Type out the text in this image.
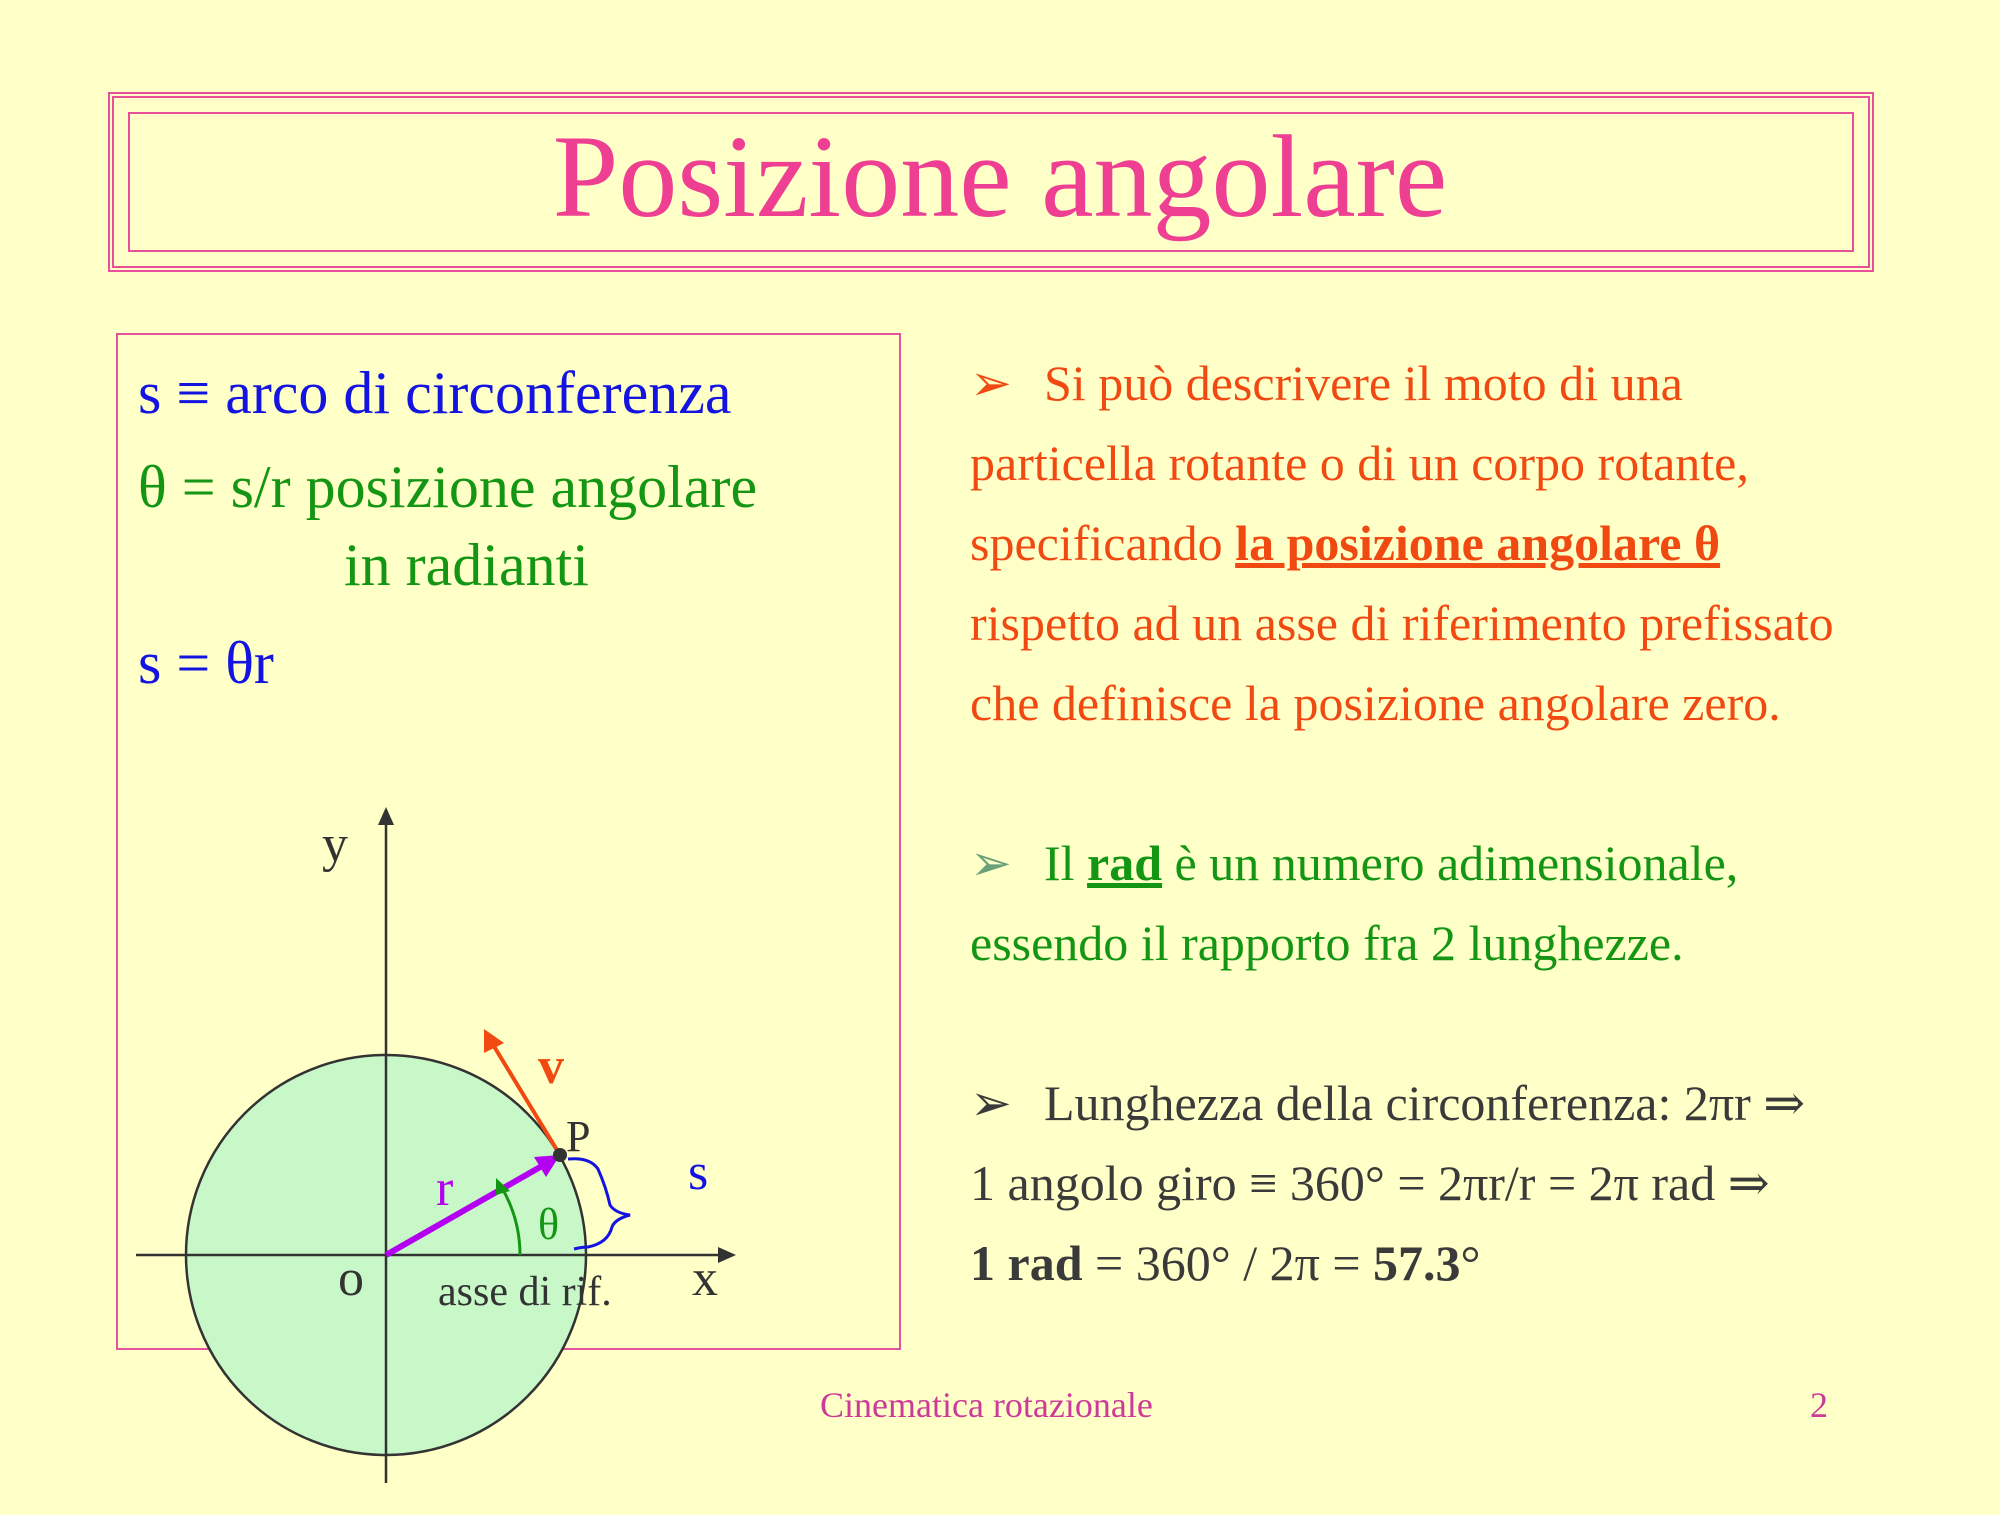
Posizione angolare
s ≡ arco di circonferenza
θ = s/r posizione angolare
in radianti
s = θr
y
x
o
P
r
v
s
θ
asse di rif.
➢ Si può descrivere il moto di una
particella rotante o di un corpo rotante,
specificando la posizione angolare θ
rispetto ad un asse di riferimento prefissato
che definisce la posizione angolare zero.
➢ Il rad è un numero adimensionale,
essendo il rapporto fra 2 lunghezze.
➢ Lunghezza della circonferenza: 2πr ⇒
1 angolo giro ≡ 360° = 2πr/r = 2π rad ⇒
1 rad = 360° / 2π = 57.3°
Cinematica rotazionale	2
